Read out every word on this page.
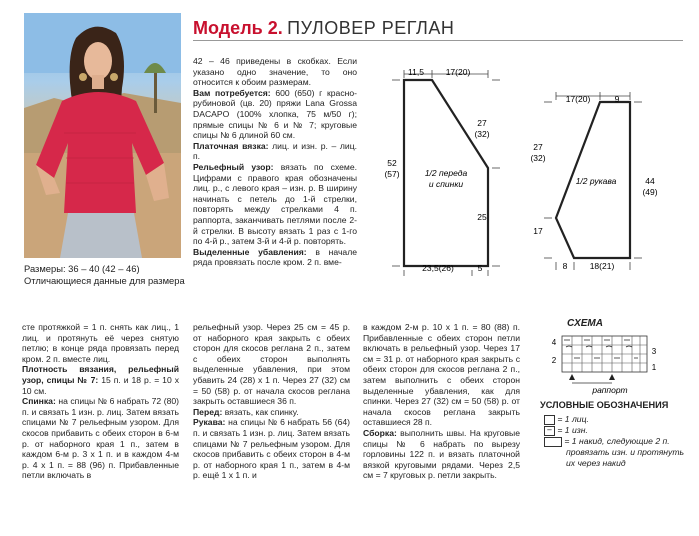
Модель 2. ПУЛОВЕР РЕГЛАН
Размеры: 36 – 40 (42 – 46)
Отличающиеся данные для размера

42 – 46 приведены в скобках. Если указано одно значение, то оно относится к обоим размерам.

Вам потребуется: 600 (650) г красно-рубиновой (цв. 20) пряжи Lana Grossa DACAPO (100% хлопка, 75 м/50 г); прямые спицы № 6 и № 7; круговые спицы № 6 длиной 60 см.

Платочная вязка: лиц. и изн. р. – лиц. п.

Рельефный узор: вязать по схеме. Цифрами с правого края обозначены лиц. р., с левого края – изн. р. В ширину начинать с петель до 1-й стрелки, повторять между стрелками 4 п. раппорта, заканчивать петлями после 2-й стрелки. В высоту вязать 1 раз с 1-го по 4-й р., затем 3-й и 4-й р. повторять.

Выделенные убавления: в начале ряда провязать после кром. 2 п. вме-

11,5	17(20)
52
(57)
27
(32)
1/2 переда
и спинки
25
23,5(26)	5
17(20)	9
27
(32)
1/2 рукава	44
(49)
17
8	18(21)

сте протяжкой = 1 п. снять как лиц., 1 лиц. и протянуть её через снятую петлю; в конце ряда провязать перед кром. 2 п. вместе лиц.

Плотность вязания, рельефный узор, спицы № 7: 15 п. и 18 р. = 10 х 10 см.

Спинка: на спицы № 6 набрать 72 (80) п. и связать 1 изн. р. лиц. Затем вязать спицами № 7 рельефным узором. Для скосов прибавить с обеих сторон в 6-м р. от наборного края 1 п., затем в каждом 6-м р. 3 х 1 п. и в каждом 4-м р. 4 х 1 п. = 88 (96) п. Прибавленные петли включать в

рельефный узор. Через 25 см = 45 р. от наборного края закрыть с обеих сторон для скосов реглана 2 п., затем с обеих сторон выполнять выделенные убавления, при этом убавить 24 (28) х 1 п. Через 27 (32) см = 50 (58) р. от начала скосов реглана закрыть оставшиеся 36 п.

Перед: вязать, как спинку.

Рукава: на спицы № 6 набрать 56 (64) п. и связать 1 изн. р. лиц. Затем вязать спицами № 7 рельефным узором. Для скосов прибавить с обеих сторон в 4-м р. от наборного края 1 п., затем в 4-м р. ещё 1 х 1 п. и

в каждом 2-м р. 10 х 1 п. = 80 (88) п. Прибавленные с обеих сторон петли включать в рельефный узор. Через 17 см = 31 р. от наборного края закрыть с обеих сторон для скосов реглана 2 п., затем выполнить с обеих сторон выделенные убавления, как для спинки. Через 27 (32) см = 50 (58) р. от начала скосов реглана закрыть оставшиеся 28 п.

Сборка: выполнить швы. На круговые спицы № 6 набрать по вырезу горловины 122 п. и вязать платочной вязкой круговыми рядами. Через 2,5 см = 7 круговых р. петли закрыть.

СХЕМА
4
2
3
1
раппорт
УСЛОВНЫЕ ОБОЗНАЧЕНИЯ
= 1 лиц.
– = 1 изн.
= 1 накид, следующие 2 п.
провязать изн. и протянуть
их через накид
